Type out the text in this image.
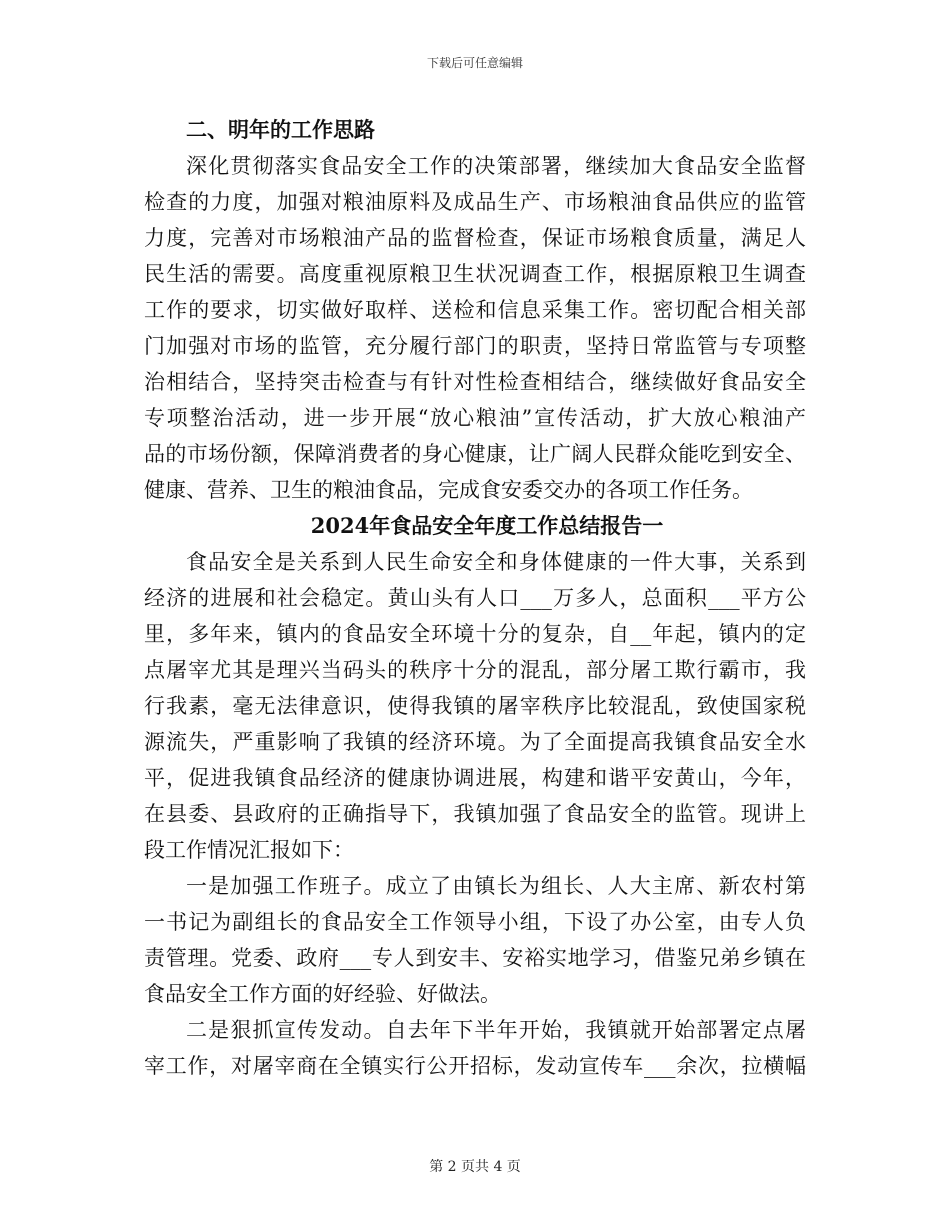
下载后可任意编辑
二、明年的工作思路
深化贯彻落实食品安全工作的决策部署，继续加大食品安全监督
检查的力度，加强对粮油原料及成品生产、市场粮油食品供应的监管
力度，完善对市场粮油产品的监督检查，保证市场粮食质量，满足人
民生活的需要。高度重视原粮卫生状况调查工作，根据原粮卫生调查
工作的要求，切实做好取样、送检和信息采集工作。密切配合相关部
门加强对市场的监管，充分履行部门的职责，坚持日常监管与专项整
治相结合，坚持突击检查与有针对性检查相结合，继续做好食品安全
专项整治活动，进一步开展“放心粮油”宣传活动，扩大放心粮油产
品的市场份额，保障消费者的身心健康，让广阔人民群众能吃到安全、
健康、营养、卫生的粮油食品，完成食安委交办的各项工作任务。
2024年食品安全年度工作总结报告一
食品安全是关系到人民生命安全和身体健康的一件大事，关系到
经济的进展和社会稳定。黄山头有人口___万多人，总面积___平方公
里，多年来，镇内的食品安全环境十分的复杂，自__年起，镇内的定
点屠宰尤其是理兴当码头的秩序十分的混乱，部分屠工欺行霸市，我
行我素，毫无法律意识，使得我镇的屠宰秩序比较混乱，致使国家税
源流失，严重影响了我镇的经济环境。为了全面提高我镇食品安全水
平，促进我镇食品经济的健康协调进展，构建和谐平安黄山，今年，
在县委、县政府的正确指导下，我镇加强了食品安全的监管。现讲上
段工作情况汇报如下：
一是加强工作班子。成立了由镇长为组长、人大主席、新农村第
一书记为副组长的食品安全工作领导小组，下设了办公室，由专人负
责管理。党委、政府___专人到安丰、安裕实地学习，借鉴兄弟乡镇在
食品安全工作方面的好经验、好做法。
二是狠抓宣传发动。自去年下半年开始，我镇就开始部署定点屠
宰工作，对屠宰商在全镇实行公开招标，发动宣传车___余次，拉横幅
第 2 页共 4 页
